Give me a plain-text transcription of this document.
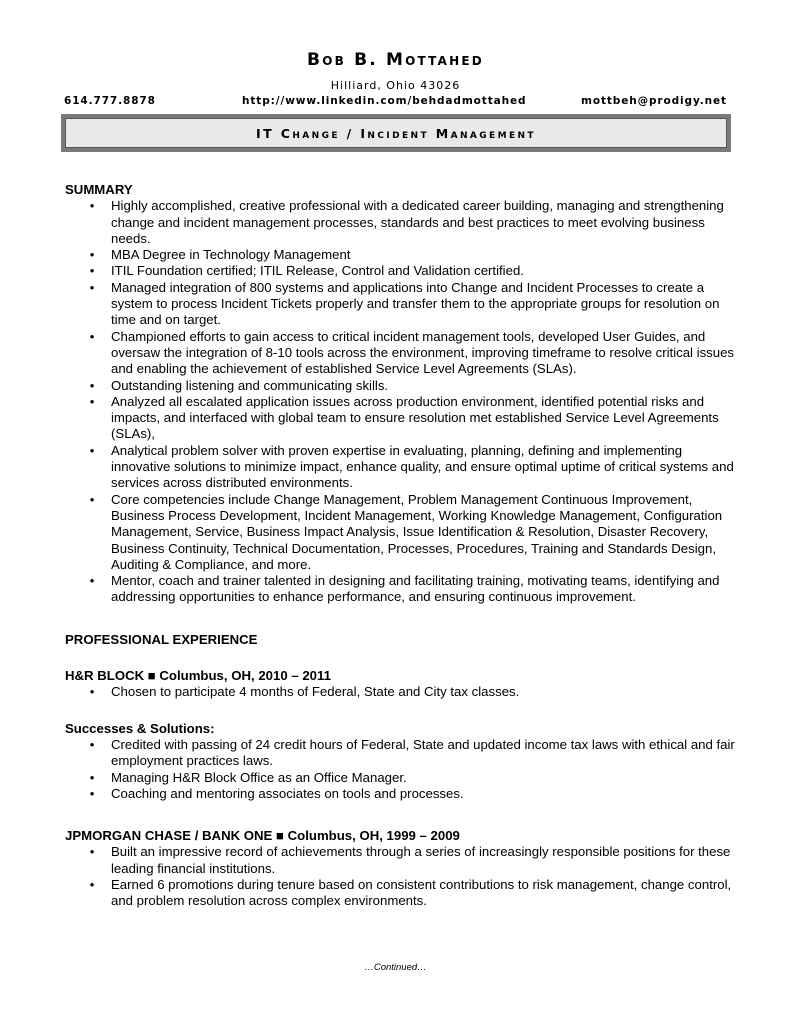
Bob B. Mottahed
Hilliard, Ohio 43026
614.777.8878	http://www.linkedin.com/behdadmottahed	mottbeh@prodigy.net
IT Change / Incident Management

SUMMARY

• Highly accomplished, creative professional with a dedicated career building, managing and strengthening change and incident management processes, standards and best practices to meet evolving business needs.
• MBA Degree in Technology Management
• ITIL Foundation certified; ITIL Release, Control and Validation certified.
• Managed integration of 800 systems and applications into Change and Incident Processes to create a system to process Incident Tickets properly and transfer them to the appropriate groups for resolution on time and on target.
• Championed efforts to gain access to critical incident management tools, developed User Guides, and oversaw the integration of 8-10 tools across the environment, improving timeframe to resolve critical issues and enabling the achievement of established Service Level Agreements (SLAs).
• Outstanding listening and communicating skills.
• Analyzed all escalated application issues across production environment, identified potential risks and impacts, and interfaced with global team to ensure resolution met established Service Level Agreements (SLAs),
• Analytical problem solver with proven expertise in evaluating, planning, defining and implementing innovative solutions to minimize impact, enhance quality, and ensure optimal uptime of critical systems and services across distributed environments.
• Core competencies include Change Management, Problem Management Continuous Improvement, Business Process Development, Incident Management, Working Knowledge Management, Configuration Management, Service, Business Impact Analysis, Issue Identification & Resolution, Disaster Recovery, Business Continuity, Technical Documentation, Processes, Procedures, Training and Standards Design, Auditing & Compliance, and more.
• Mentor, coach and trainer talented in designing and facilitating training, motivating teams, identifying and addressing opportunities to enhance performance, and ensuring continuous improvement.

PROFESSIONAL EXPERIENCE

H&R BLOCK ■ Columbus, OH, 2010 – 2011

• Chosen to participate 4 months of Federal, State and City tax classes.

Successes & Solutions:

• Credited with passing of 24 credit hours of Federal, State and updated income tax laws with ethical and fair employment practices laws.
• Managing H&R Block Office as an Office Manager.
• Coaching and mentoring associates on tools and processes.

JPMORGAN CHASE / BANK ONE ■ Columbus, OH, 1999 – 2009

• Built an impressive record of achievements through a series of increasingly responsible positions for these leading financial institutions.
• Earned 6 promotions during tenure based on consistent contributions to risk management, change control, and problem resolution across complex environments.
…Continued…
